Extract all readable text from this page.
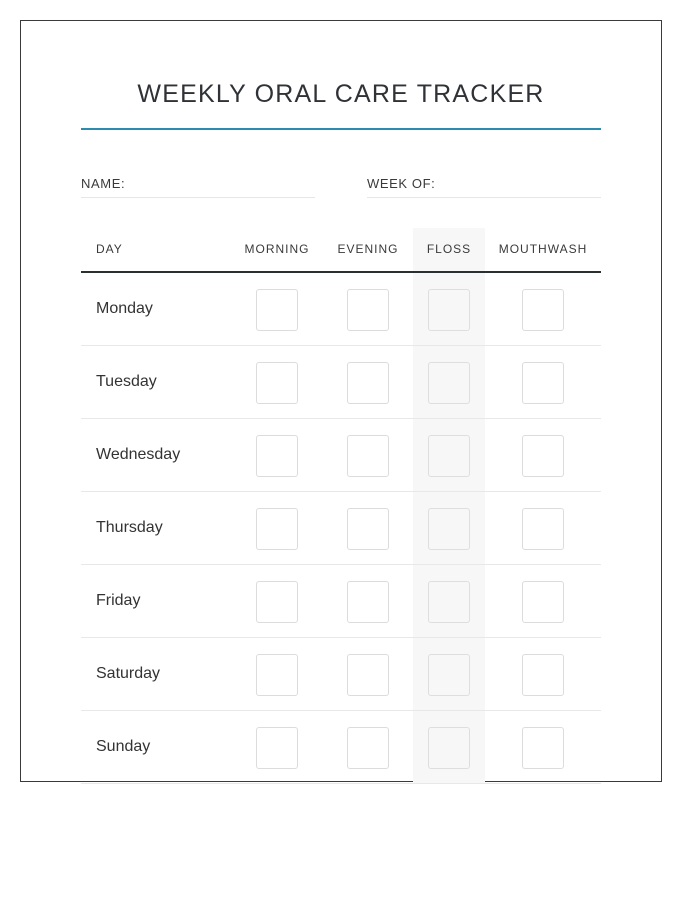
WEEKLY ORAL CARE TRACKER
NAME:	WEEK OF:
DAY	MORNING	EVENING	FLOSS	MOUTHWASH
Monday
Tuesday
Wednesday
Thursday
Friday
Saturday
Sunday
